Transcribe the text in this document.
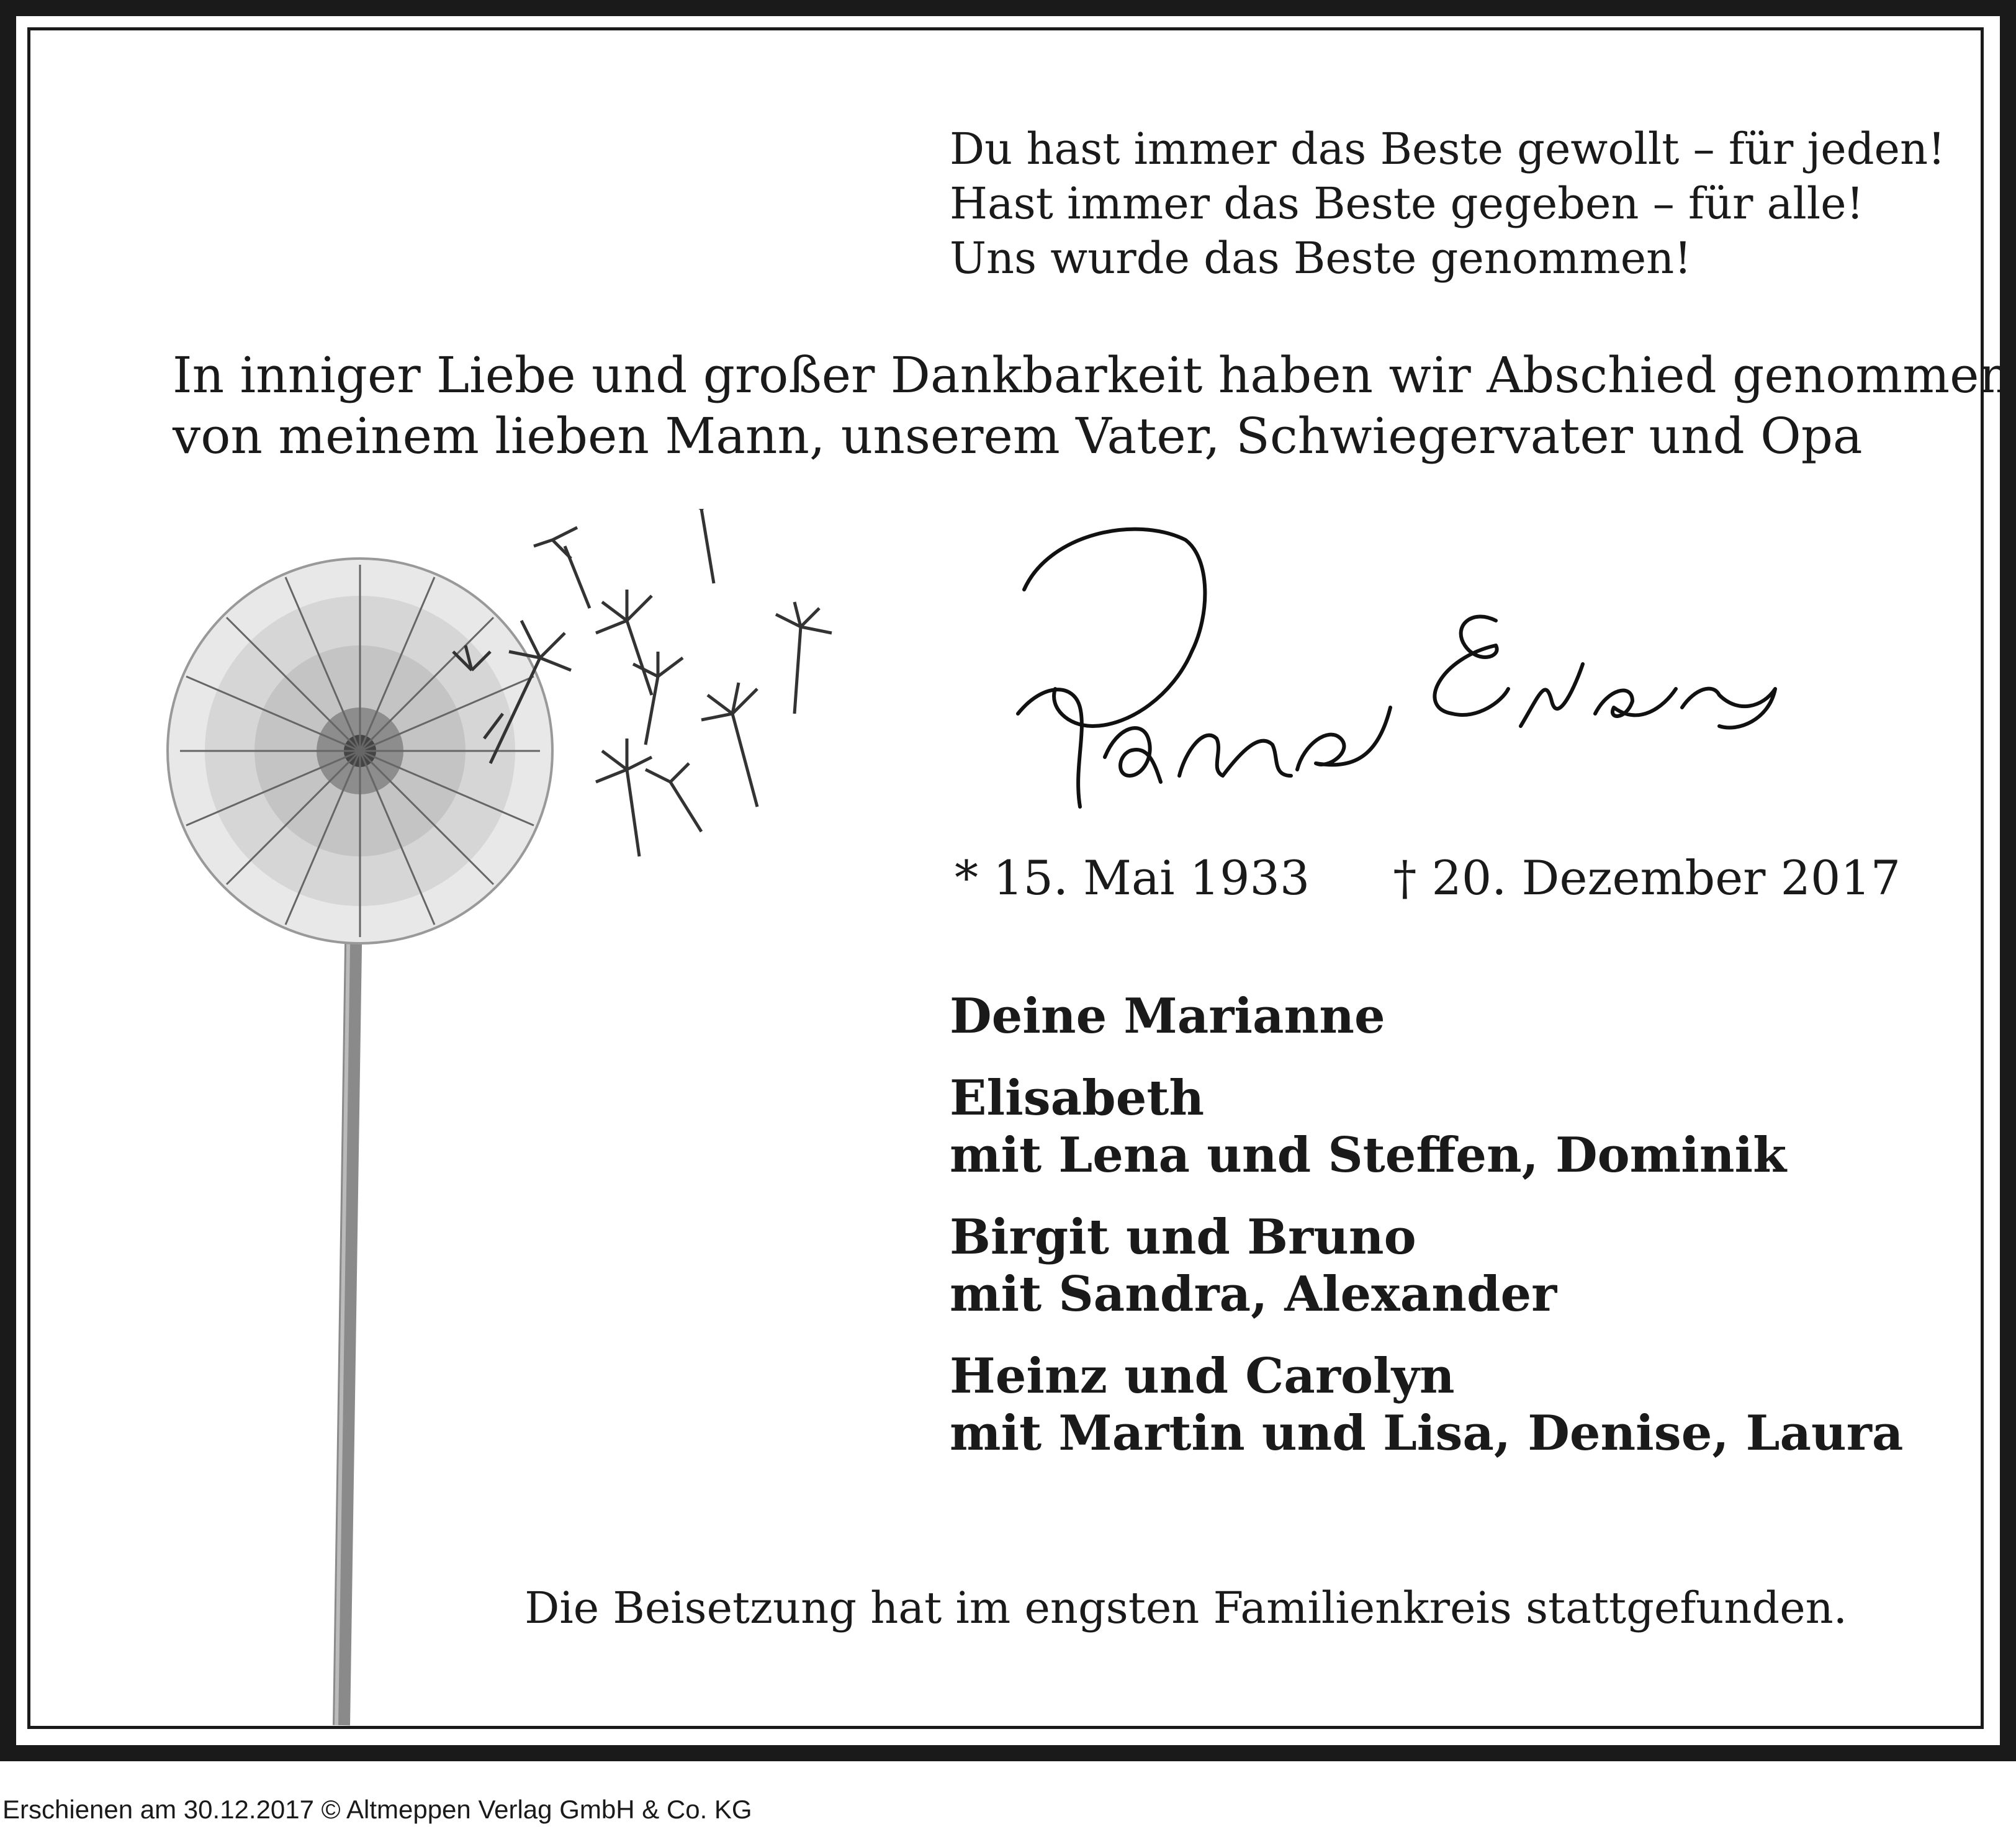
Du hast immer das Beste gewollt – für jeden!
Hast immer das Beste gegeben – für alle!
Uns wurde das Beste genommen!
In inniger Liebe und großer Dankbarkeit haben wir Abschied genommen
von meinem lieben Mann, unserem Vater, Schwiegervater und Opa
* 15. Mai 1933 † 20. Dezember 2017
Deine Marianne
Elisabeth
mit Lena und Steffen, Dominik
Birgit und Bruno
mit Sandra, Alexander
Heinz und Carolyn
mit Martin und Lisa, Denise, Laura
Die Beisetzung hat im engsten Familienkreis stattgefunden.
Erschienen am 30.12.2017 © Altmeppen Verlag GmbH & Co. KG
